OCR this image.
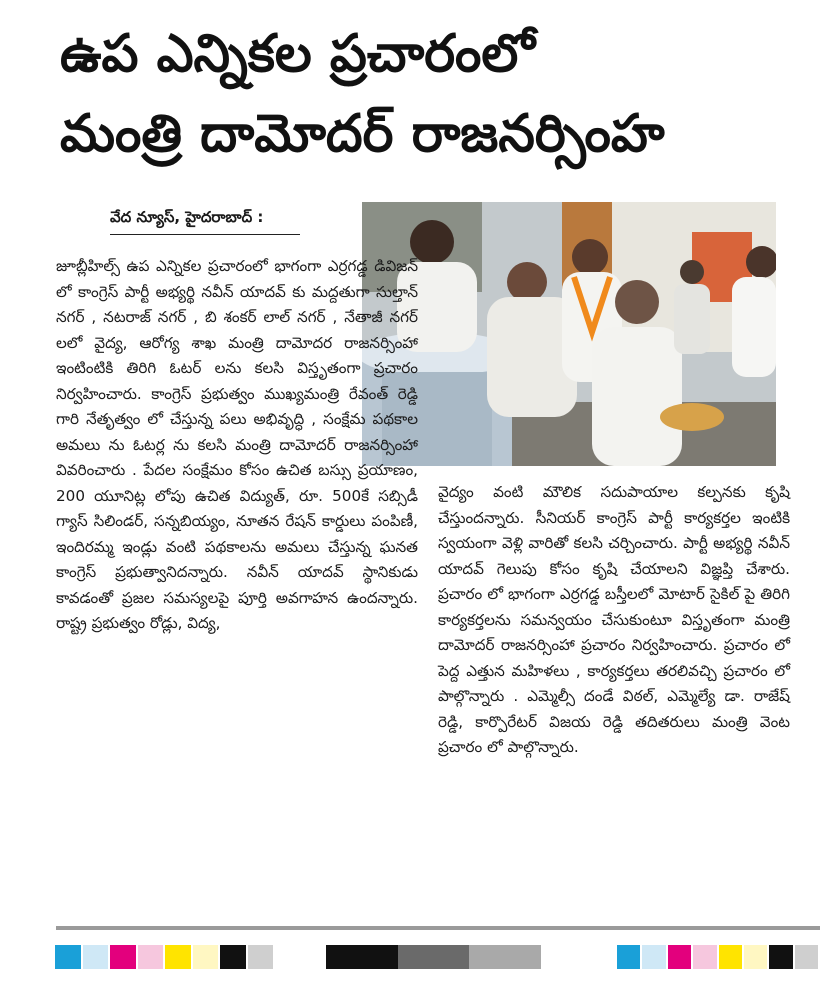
ఉప ఎన్నికల ప్రచారంలో
మంత్రి దామోదర్ రాజనర్సింహ
వేద న్యూస్, హైదరాబాద్ :

జూబ్లీహిల్స్ ఉప ఎన్నికల ప్రచారంలో భాగంగా ఎర్రగడ్డ డివిజన్ లో కాంగ్రెస్ పార్టీ అభ్యర్థి నవీన్ యాదవ్ కు మద్దతుగా సుల్తాన్ నగర్ , నటరాజ్ నగర్ , బి శంకర్ లాల్ నగర్ , నేతాజీ నగర్ లలో వైద్య, ఆరోగ్య శాఖ మంత్రి దామోదర రాజనర్సింహా ఇంటింటికి తిరిగి ఓటర్ లను కలసి విస్తృతంగా ప్రచారం నిర్వహించారు. కాంగ్రెస్ ప్రభుత్వం ముఖ్యమంత్రి రేవంత్ రెడ్డి గారి నేతృత్వం లో చేస్తున్న పలు అభివృద్ధి , సంక్షేమ పథకాల అమలు ను ఓటర్ల ను కలసి మంత్రి దామోదర్ రాజనర్సింహా వివరించారు . పేదల సంక్షేమం కోసం ఉచిత బస్సు ప్రయాణం, 200 యూనిట్ల లోపు ఉచిత విద్యుత్, రూ. 500కే సబ్సిడీ గ్యాస్ సిలిండర్, సన్నబియ్యం, నూతన రేషన్ కార్డులు పంపిణీ, ఇందిరమ్మ ఇండ్లు వంటి పథకాలను అమలు చేస్తున్న ఘనత కాంగ్రెస్ ప్రభుత్వానిదన్నారు. నవీన్ యాదవ్ స్థానికుడు కావడంతో ప్రజల సమస్యలపై పూర్తి అవగాహన ఉందన్నారు. రాష్ట్ర ప్రభుత్వం రోడ్లు, విద్య,

వైద్యం వంటి మౌలిక సదుపాయాల కల్పనకు కృషి చేస్తుందన్నారు. సీనియర్ కాంగ్రెస్ పార్టీ కార్యకర్తల ఇంటికి స్వయంగా వెళ్లి వారితో కలసి చర్చించారు. పార్టీ అభ్యర్థి నవీన్ యాదవ్ గెలుపు కోసం కృషి చేయాలని విజ్ఞప్తి చేశారు. ప్రచారం లో భాగంగా ఎర్రగడ్డ బస్తీలలో మోటార్ సైకిల్ పై తిరిగి కార్యకర్తలను సమన్వయం చేసుకుంటూ విస్తృతంగా మంత్రి దామోదర్ రాజనర్సింహా ప్రచారం నిర్వహించారు. ప్రచారం లో పెద్ద ఎత్తున మహిళలు , కార్యకర్తలు తరలివచ్చి ప్రచారం లో పాల్గొన్నారు . ఎమ్మెల్సీ దండే విఠల్, ఎమ్మెల్యే డా. రాజేష్ రెడ్డి, కార్పొరేటర్ విజయ రెడ్డి తదితరులు మంత్రి వెంట ప్రచారం లో పాల్గొన్నారు.
